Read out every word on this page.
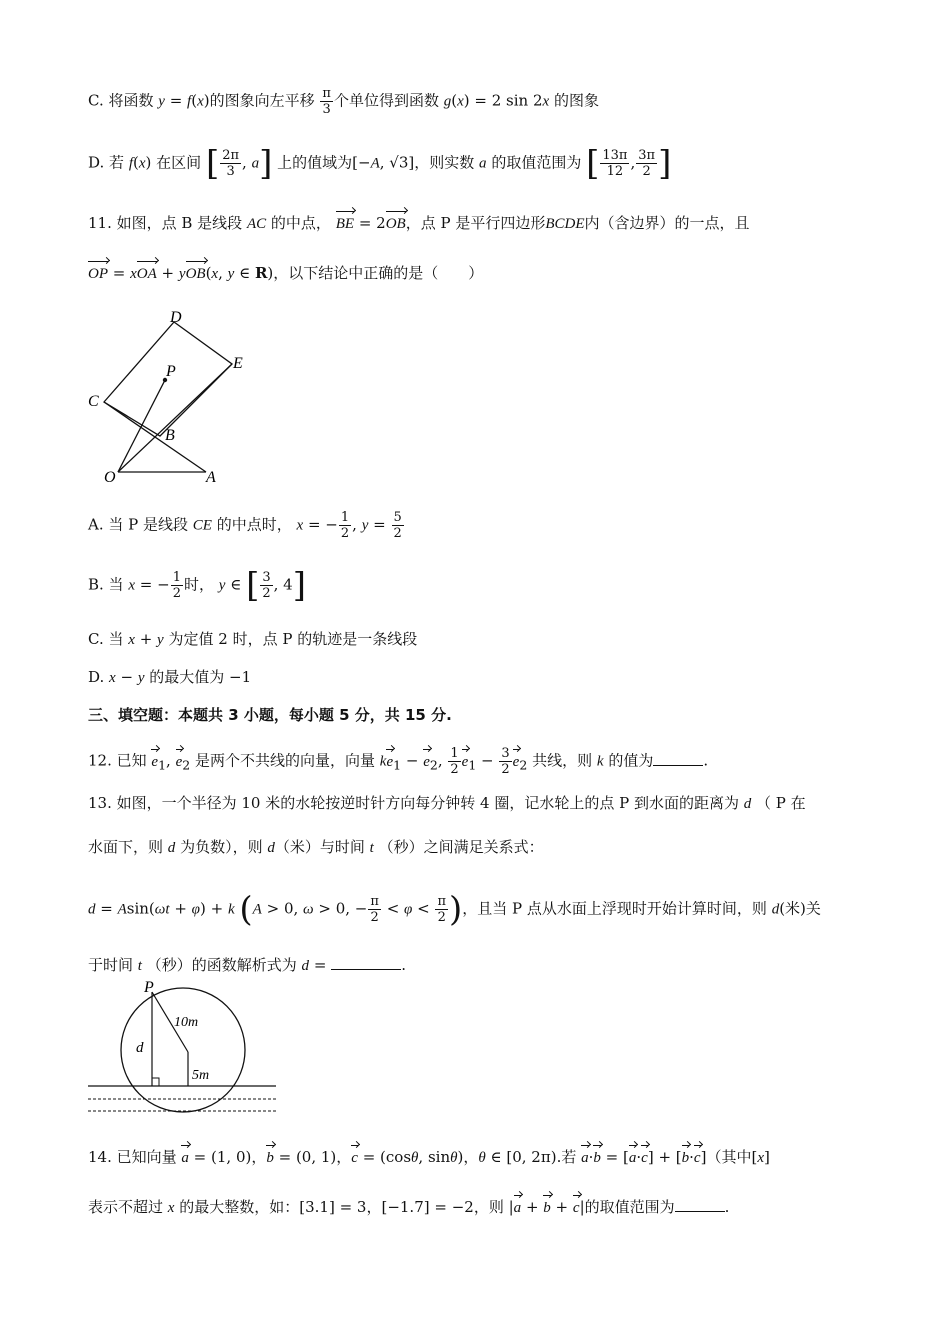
C. 将函数 y = f(x)的图象向左平移 $\frac{\pi}{3}$ 个单位得到函数 g(x) = 2 sin 2x 的图象
D. 若 f(x) 在区间 [ $\frac{2\pi}{3}$ , a] 上的值域为[−A, √3]，则实数 a 的取值范围为 [ $\frac{13\pi}{12}$ , $\frac{3\pi}{2}$ ]
11. 如图，点 B 是线段 AC 的中点， BE = 2OB，点 P 是平行四边形BCDE内（含边界）的一点，且
OP = xOA + yOB(x, y ∈ R)，以下结论中正确的是（　　）
D
E
P
C
B
O	A
A. 当 P 是线段 CE 的中点时， x = − $\frac{1}{2}$ , $y = \frac{5}{2}$
B. 当 x = − $\frac{1}{2}$ 时， y ∈ [ $\frac{3}{2}$ , 4]
C. 当 x + y 为定值 2 时，点 P 的轨迹是一条线段
D. x − y 的最大值为 −1
三、填空题：本题共 3 小题，每小题 5 分，共 15 分.
12. 已知 $e_1$, $e_2$ 是两个不共线的向量，向量 $ke_1 - e_2$, $\frac{1}{2} e_1 - \frac{3}{2} e_2$ 共线，则 k 的值为	.
13. 如图，一个半径为 10 米的水轮按逆时针方向每分钟转 4 圈，记水轮上的点 P 到水面的距离为 d （ P 在
水面下，则 d 为负数），则 d（米）与时间 t （秒）之间满足关系式：
d = Asin(ωt + φ) + k (A > 0, ω > 0, − $\frac{\pi}{2} < \varphi < \frac{\pi}{2}$ )，且当 P 点从水面上浮现时开始计算时间，则 d(米)关
于时间 t （秒）的函数解析式为 d =	.
P
10m
d
5m
14. 已知向量 a = (1, 0)，b = (0, 1)，c = (cosθ, sinθ)，θ ∈ [0, 2π).若 a·b = [a·c] + [b·c]（其中[x]
表示不超过 x 的最大整数，如：[3.1] = 3，[−1.7] = −2，则 |a + b + c|的取值范围为	.
